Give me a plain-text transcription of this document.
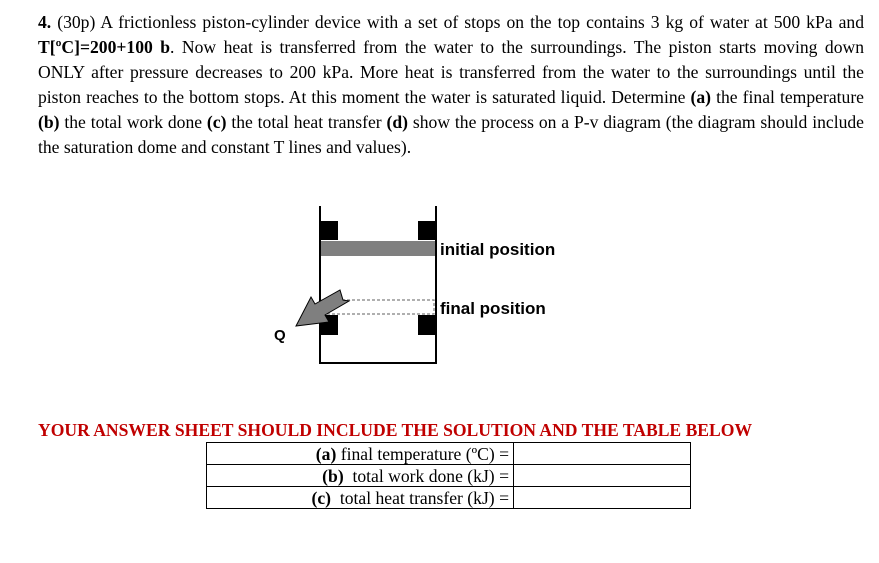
4. (30p) A frictionless piston-cylinder device with a set of stops on the top contains 3 kg of water at 500 kPa and T[ºC]=200+100 b. Now heat is transferred from the water to the surroundings. The piston starts moving down ONLY after pressure decreases to 200 kPa. More heat is transferred from the water to the surroundings until the piston reaches to the bottom stops. At this moment the water is saturated liquid. Determine (a) the final temperature (b) the total work done (c) the total heat transfer (d) show the process on a P-v diagram (the diagram should include the saturation dome and constant T lines and values).
initial position
final position
Q
YOUR ANSWER SHEET SHOULD INCLUDE THE SOLUTION AND THE TABLE BELOW
(a) final temperature (ºC) =	
(b) total work done (kJ) =	
(c) total heat transfer (kJ) =	
